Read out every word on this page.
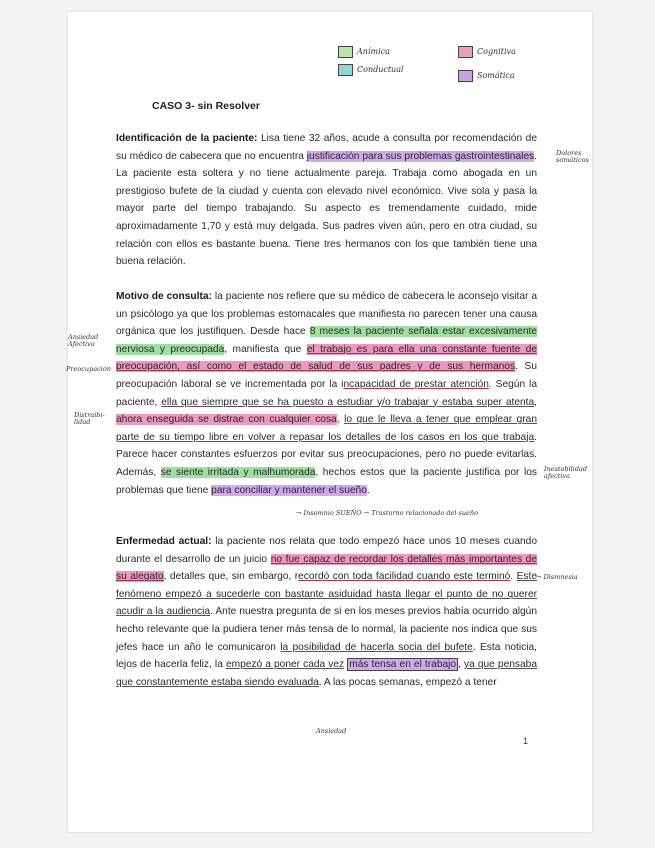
Anímica
Conductual
Cognitiva
Somática
CASO 3- sin Resolver

Identificación de la paciente: Lisa tiene 32 años, acude a consulta por recomendación de su médico de cabecera que no encuentra justificación para sus problemas gastrointestinales. La paciente esta soltera y no tiene actualmente pareja. Trabaja como abogada en un prestigioso bufete de la ciudad y cuenta con elevado nivel económico. Vive sola y pasa la mayor parte del tiempo trabajando. Su aspecto es tremendamente cuidado, mide aproximadamente 1,70 y está muy delgada. Sus padres viven aún, pero en otra ciudad, su relación con ellos es bastante buena. Tiene tres hermanos con los que también tiene una buena relación.

Motivo de consulta: la paciente nos refiere que su médico de cabecera le aconsejo visitar a un psicólogo ya que los problemas estomacales que manifiesta no parecen tener una causa orgánica que los justifiquen. Desde hace 8 meses la paciente señala estar excesivamente nerviosa y preocupada, manifiesta que el trabajo es para ella una constante fuente de preocupación, así como el estado de salud de sus padres y de sus hermanos. Su preocupación laboral se ve incrementada por la incapacidad de prestar atención. Según la paciente, ella que siempre que se ha puesto a estudiar y/o trabajar y estaba super atenta, ahora enseguida se distrae con cualquier cosa, lo que le lleva a tener que emplear gran parte de su tiempo libre en volver a repasar los detalles de los casos en los que trabaja. Parece hacer constantes esfuerzos por evitar sus preocupaciones, pero no puede evitarlas. Además, se siente irritada y malhumorada, hechos estos que la paciente justifica por los problemas que tiene para conciliar y mantener el sueño.

Enfermedad actual: la paciente nos relata que todo empezó hace unos 10 meses cuando durante el desarrollo de un juicio no fue capaz de recordar los detalles más importantes de su alegato, detalles que, sin embargo, recordó con toda facilidad cuando este terminó. Este fenómeno empezó a sucederle con bastante asiduidad hasta llegar el punto de no querer acudir a la audiencia. Ante nuestra pregunta de si en los meses previos había ocurrido algún hecho relevante que la pudiera tener más tensa de lo normal, la paciente nos indica que sus jefes hace un año le comunicaron la posibilidad de hacerla socia del bufete. Esta noticia, lejos de hacerla feliz, la empezó a poner cada vez más tensa en el trabajo , ya que pensaba que constantemente estaba siendo evaluada. A las pocas semanas, empezó a tener

Dolores somáticos
Ansiedad Afectiva
Preocupación
Distraibi-lidad
Inestabilidad afectiva
→ Insomnio SUEÑO → Trastorno relacionado del sueño
→ Dismnesia
Ansiedad
1
